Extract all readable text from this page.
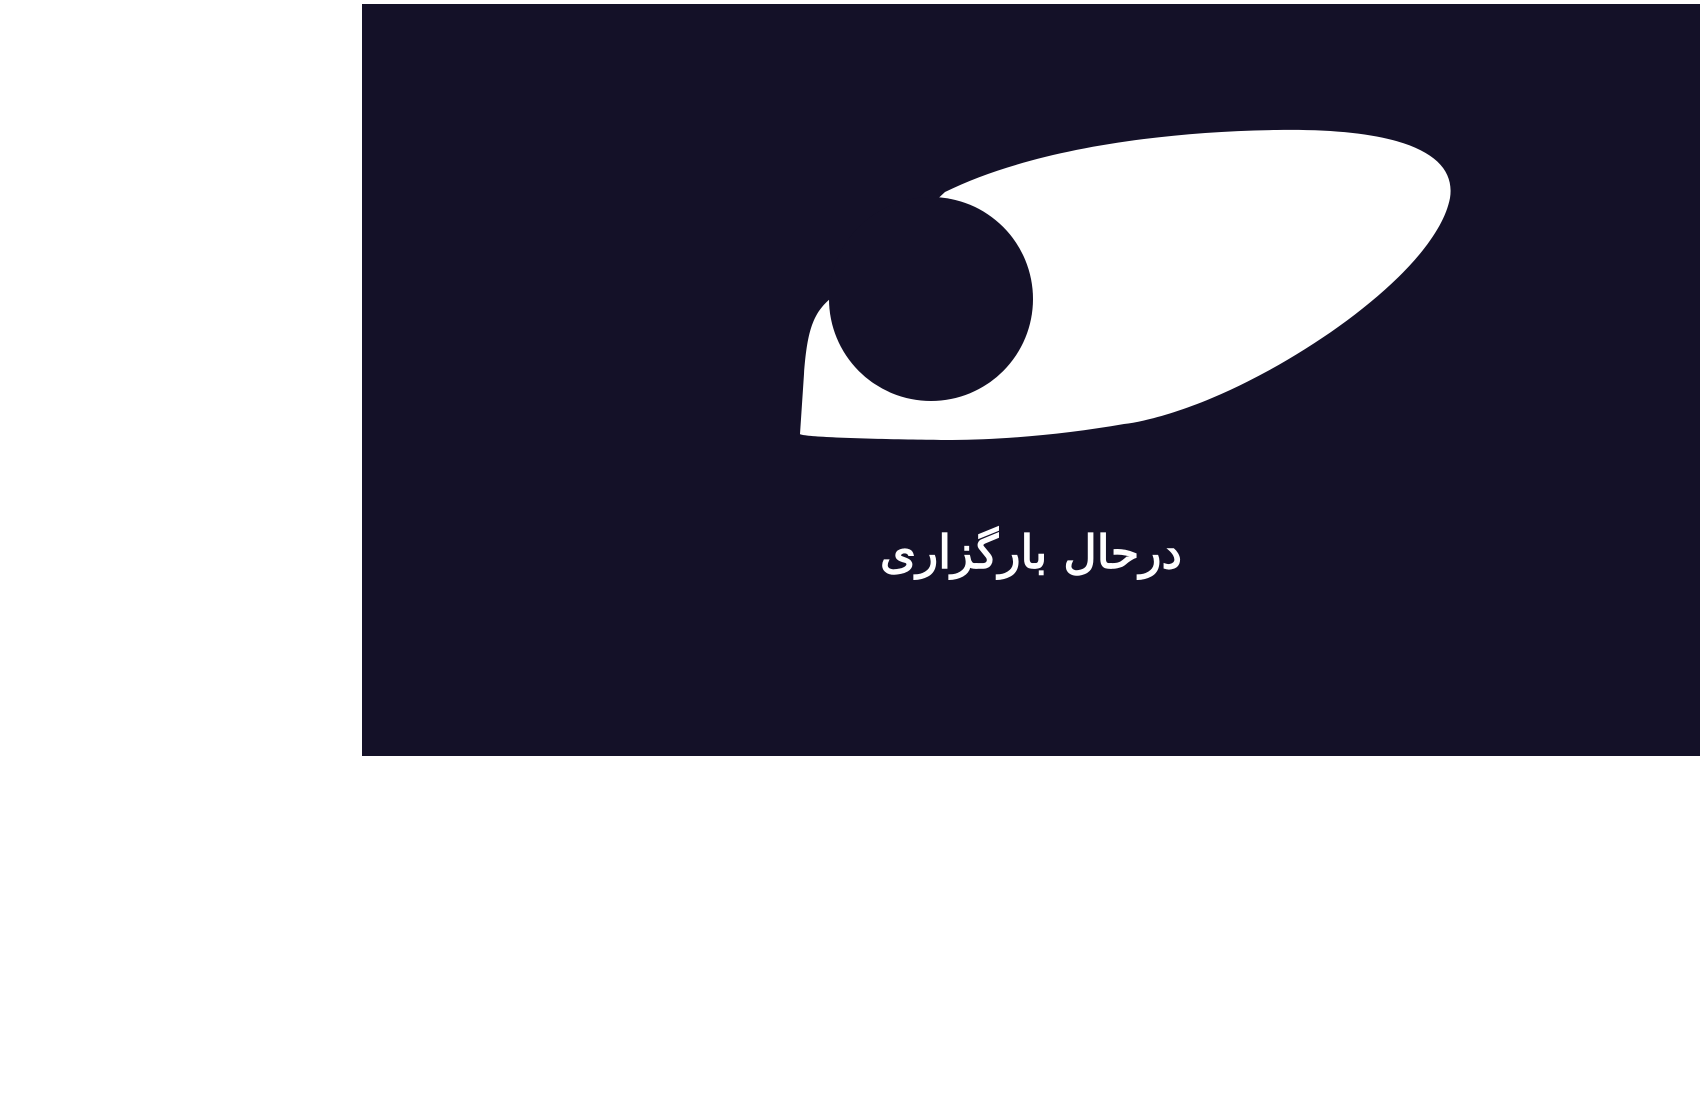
درحال بارگزاری
